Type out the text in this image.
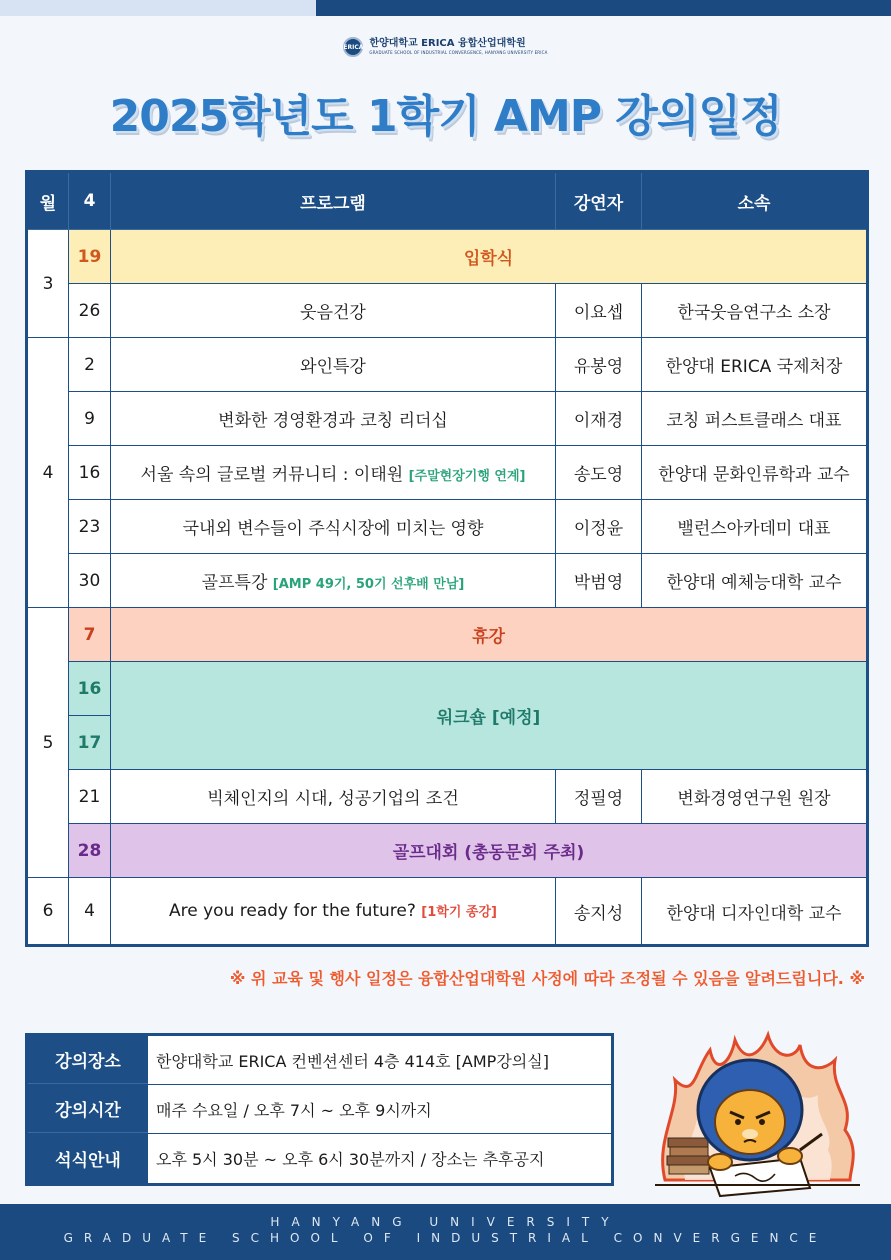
ERICA 한양대학교 ERICA 융합산업대학원
GRADUATE SCHOOL OF INDUSTRIAL CONVERGENCE, HANYANG UNIVERSITY ERICA
2025학년도 1학기 AMP 강의일정
월	4	프로그램	강연자	소속
3	19	입학식		
	26	웃음건강	이요셉	한국웃음연구소 소장
4	2	와인특강	유봉영	한양대 ERICA 국제처장
	9	변화한 경영환경과 코칭 리더십	이재경	코칭 퍼스트클래스 대표
	16	서울 속의 글로벌 커뮤니티 : 이태원 [주말현장기행 연계]	송도영	한양대 문화인류학과 교수
	23	국내외 변수들이 주식시장에 미치는 영향	이정윤	밸런스아카데미 대표
	30	골프특강 [AMP 49기, 50기 선후배 만남]	박범영	한양대 예체능대학 교수
5	7	휴강		
	16	워크숍 [예정]		
	17			
	21	빅체인지의 시대, 성공기업의 조건	정필영	변화경영연구원 원장
	28	골프대회 (총동문회 주최)		
6	4	Are you ready for the future? [1학기 종강]	송지성	한양대 디자인대학 교수
※ 위 교육 및 행사 일정은 융합산업대학원 사정에 따라 조정될 수 있음을 알려드립니다. ※
강의장소	한양대학교 ERICA 컨벤션센터 4층 414호 [AMP강의실]
강의시간	매주 수요일 / 오후 7시 ~ 오후 9시까지
석식안내	오후 5시 30분 ~ 오후 6시 30분까지 / 장소는 추후공지
HANYANG UNIVERSITY
GRADUATE SCHOOL OF INDUSTRIAL CONVERGENCE
